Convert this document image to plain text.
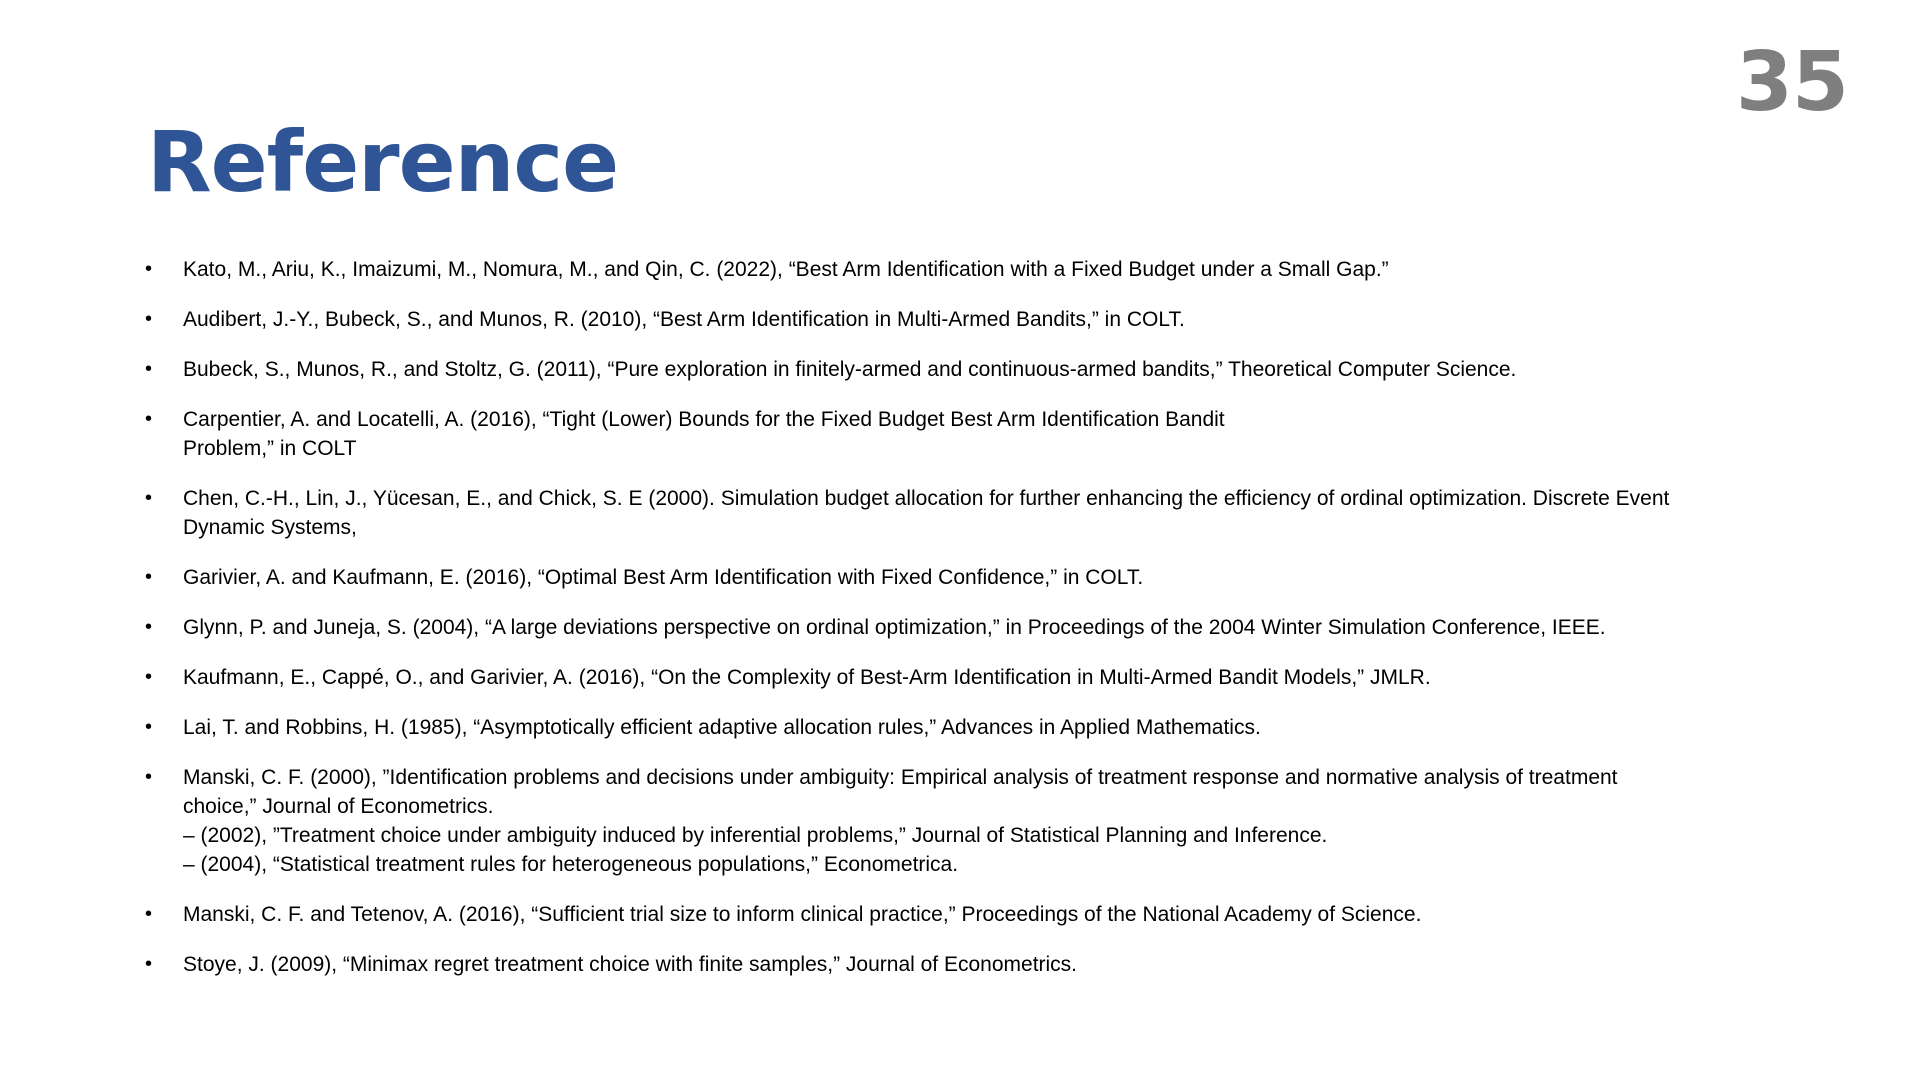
35
Reference
• Kato, M., Ariu, K., Imaizumi, M., Nomura, M., and Qin, C. (2022), “Best Arm Identification with a Fixed Budget under a Small Gap.”
• Audibert, J.-Y., Bubeck, S., and Munos, R. (2010), “Best Arm Identification in Multi-Armed Bandits,” in COLT.
• Bubeck, S., Munos, R., and Stoltz, G. (2011), “Pure exploration in finitely-armed and continuous-armed bandits,” Theoretical Computer Science.
• Carpentier, A. and Locatelli, A. (2016), “Tight (Lower) Bounds for the Fixed Budget Best Arm Identification Bandit
Problem,” in COLT
• Chen, C.-H., Lin, J., Yücesan, E., and Chick, S. E (2000). Simulation budget allocation for further enhancing the efficiency of ordinal optimization. Discrete Event
Dynamic Systems,
• Garivier, A. and Kaufmann, E. (2016), “Optimal Best Arm Identification with Fixed Confidence,” in COLT.
• Glynn, P. and Juneja, S. (2004), “A large deviations perspective on ordinal optimization,” in Proceedings of the 2004 Winter Simulation Conference, IEEE.
• Kaufmann, E., Cappé, O., and Garivier, A. (2016), “On the Complexity of Best-Arm Identification in Multi-Armed Bandit Models,” JMLR.
• Lai, T. and Robbins, H. (1985), “Asymptotically efficient adaptive allocation rules,” Advances in Applied Mathematics.
• Manski, C. F. (2000), ”Identification problems and decisions under ambiguity: Empirical analysis of treatment response and normative analysis of treatment
choice,” Journal of Econometrics.
– (2002), ”Treatment choice under ambiguity induced by inferential problems,” Journal of Statistical Planning and Inference.
– (2004), “Statistical treatment rules for heterogeneous populations,” Econometrica.
• Manski, C. F. and Tetenov, A. (2016), “Sufficient trial size to inform clinical practice,” Proceedings of the National Academy of Science.
• Stoye, J. (2009), “Minimax regret treatment choice with finite samples,” Journal of Econometrics.
